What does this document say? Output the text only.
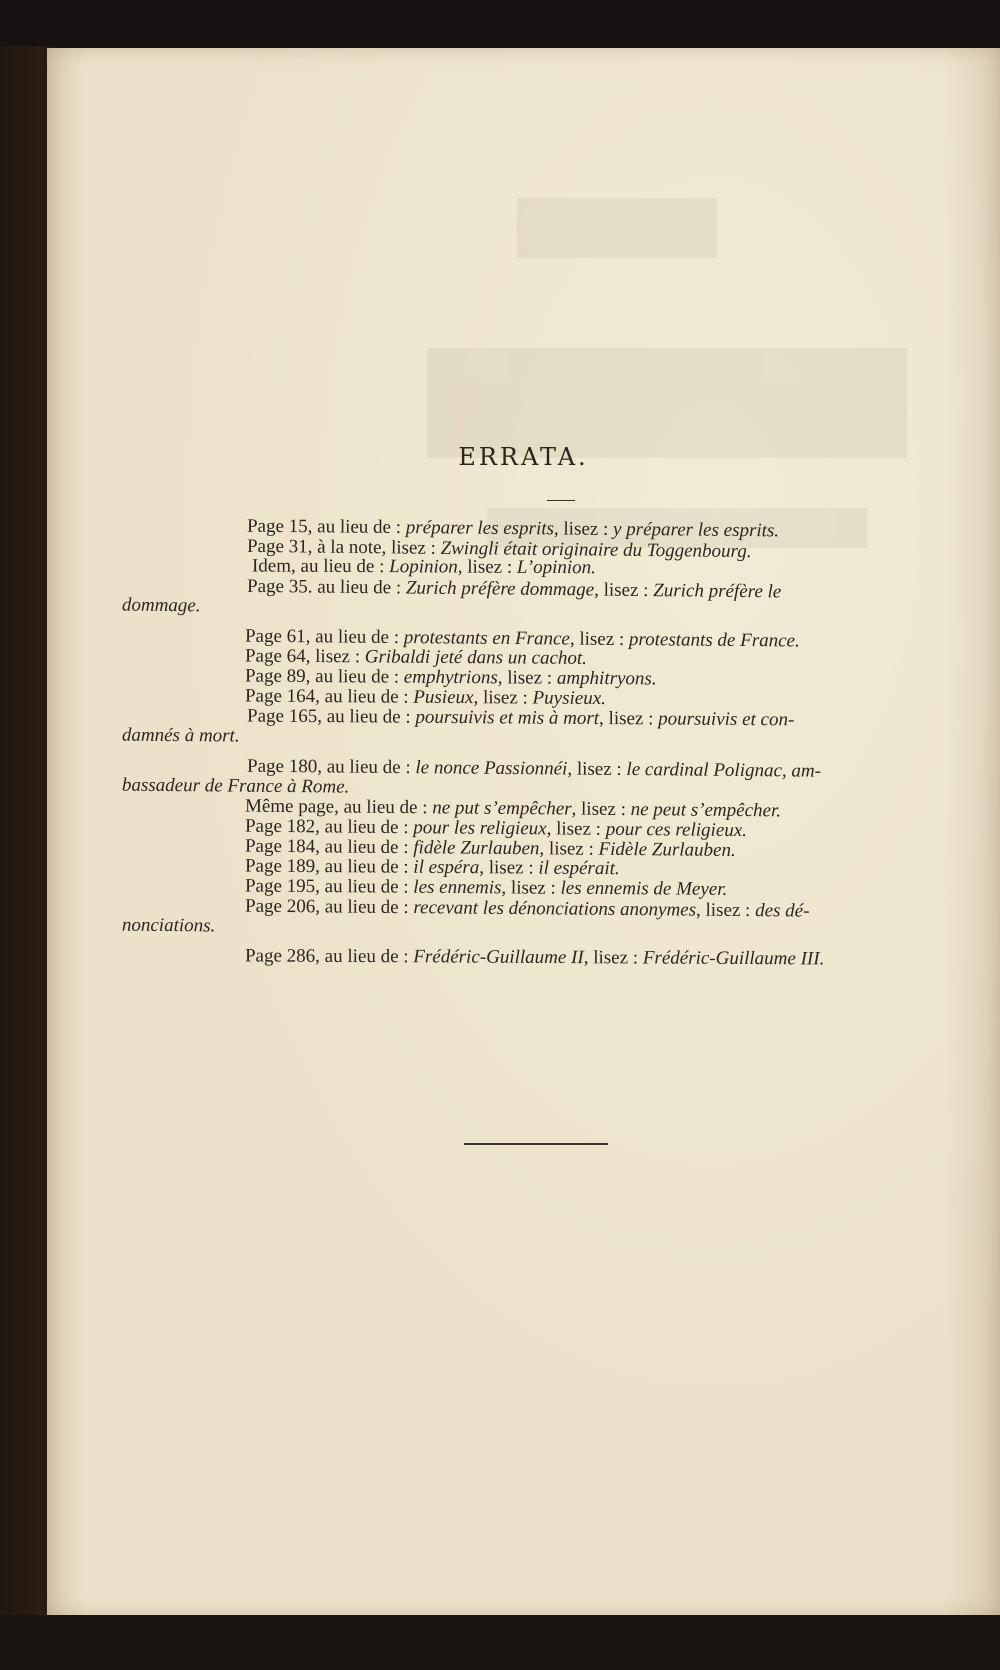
ERRATA.
Page 15, au lieu de : préparer les esprits, lisez : y préparer les esprits.
Page 31, à la note, lisez : Zwingli était originaire du Toggenbourg.
Idem, au lieu de : Lopinion, lisez : L’opinion.
Page 35. au lieu de : Zurich préfère dommage, lisez : Zurich préfère le
dommage.
Page 61, au lieu de : protestants en France, lisez : protestants de France.
Page 64, lisez : Gribaldi jeté dans un cachot.
Page 89, au lieu de : emphytrions, lisez : amphitryons.
Page 164, au lieu de : Pusieux, lisez : Puysieux.
Page 165, au lieu de : poursuivis et mis à mort, lisez : poursuivis et con-
damnés à mort.
Page 180, au lieu de : le nonce Passionnéi, lisez : le cardinal Polignac, am-
bassadeur de France à Rome.
Même page, au lieu de : ne put s’empêcher, lisez : ne peut s’empêcher.
Page 182, au lieu de : pour les religieux, lisez : pour ces religieux.
Page 184, au lieu de : fidèle Zurlauben, lisez : Fidèle Zurlauben.
Page 189, au lieu de : il espéra, lisez : il espérait.
Page 195, au lieu de : les ennemis, lisez : les ennemis de Meyer.
Page 206, au lieu de : recevant les dénonciations anonymes, lisez : des dé-
nonciations.
Page 286, au lieu de : Frédéric-Guillaume II, lisez : Frédéric-Guillaume III.
